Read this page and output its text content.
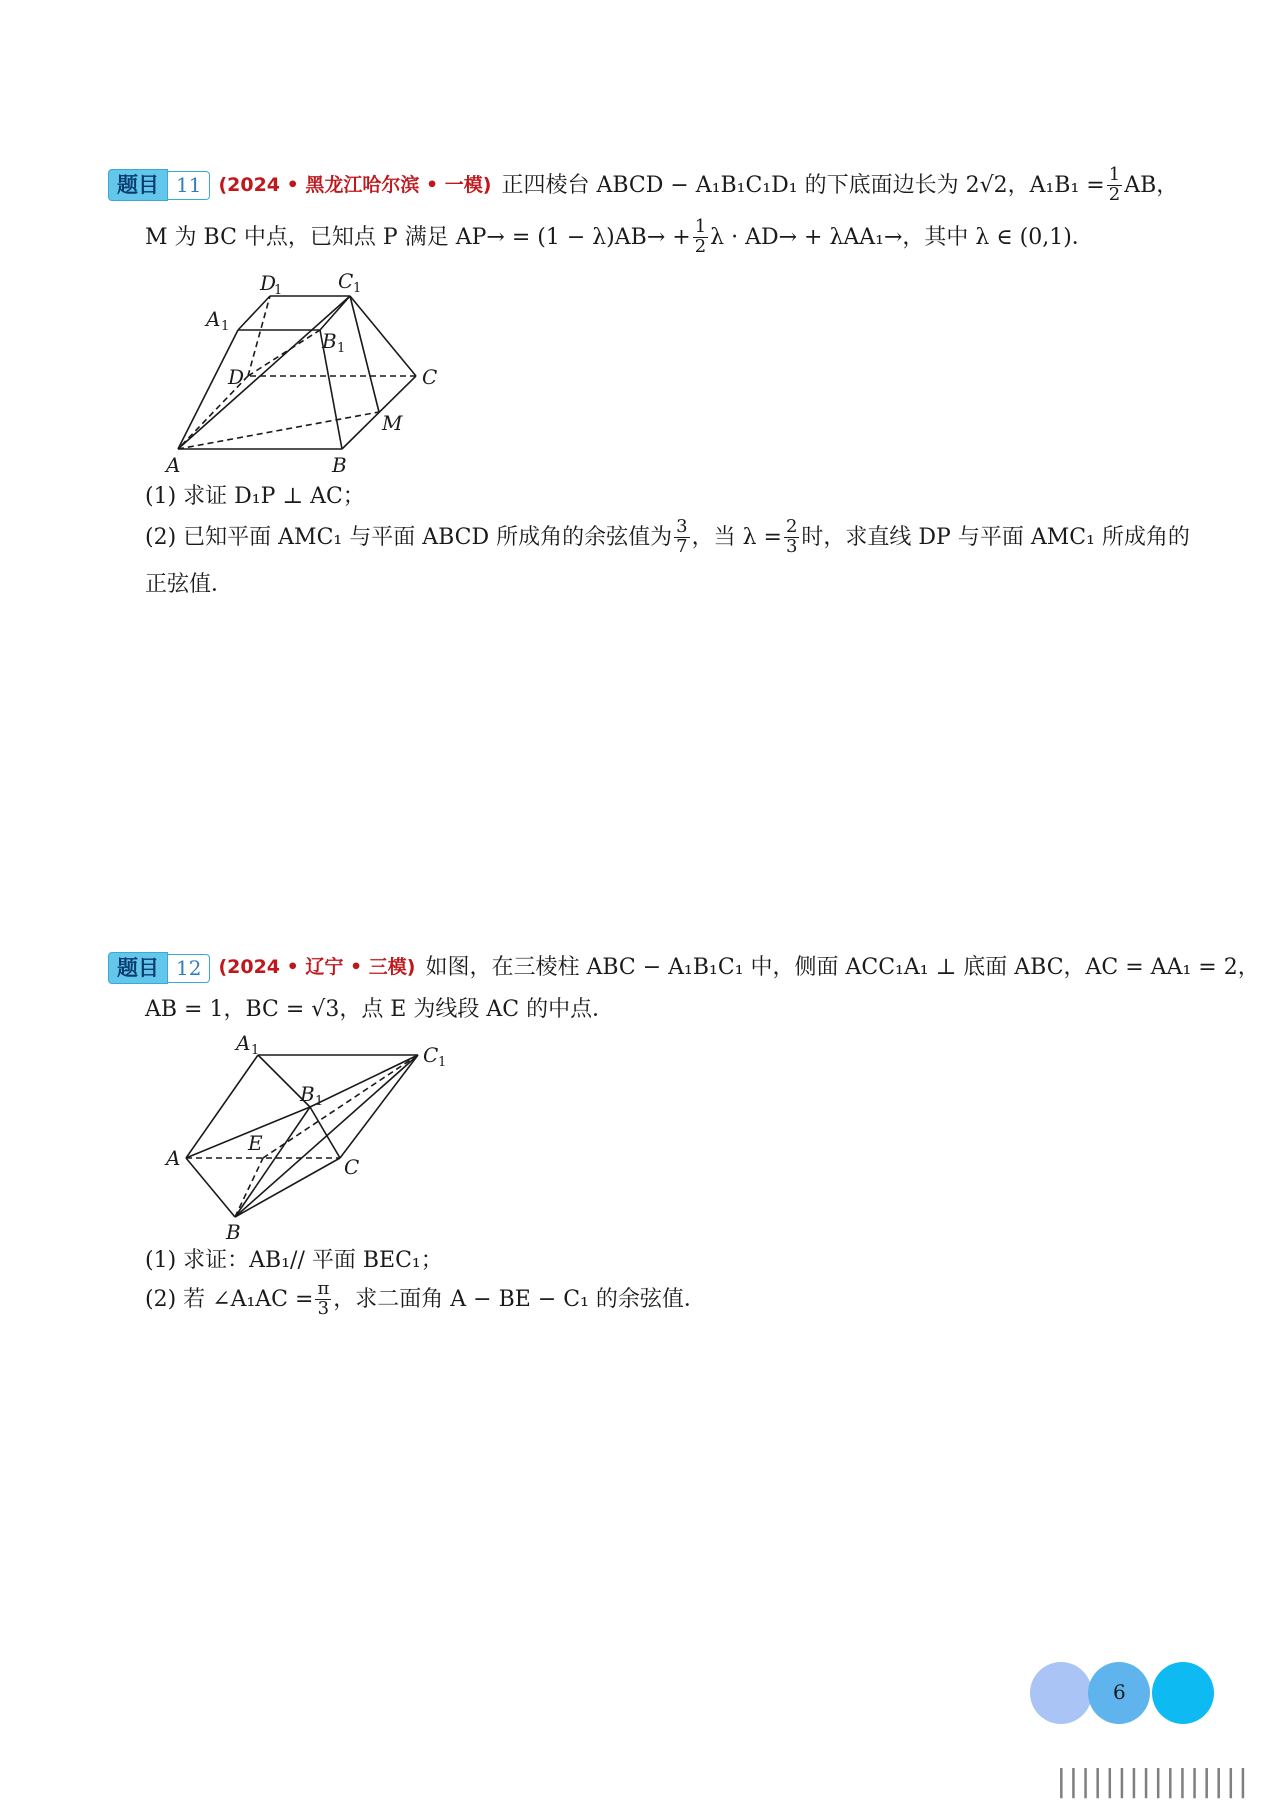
题目 11 (2024 • 黑龙江哈尔滨 • 一模) 正四棱台 ABCD − A₁B₁C₁D₁ 的下底面边长为 2√2，$A_1B_1 = \frac{1}{2}$ AB，
M 为 BC 中点，已知点 P 满足 $AP\to = (1 - \lambda)AB\to + \frac{1}{2}$ λ · AD→ + λAA₁→，其中 λ ∈ (0,1)．
D
1	C 1
A 1
B 1
D	C
M
A	B
(1) 求证 D₁P ⊥ AC；
(2) 已知平面 AMC₁ 与平面 ABCD 所成角的余弦值为 $\frac{3}{7}$ ，当 $\lambda = \frac{2}{3}$ 时，求直线 DP 与平面 AMC₁ 所成角的
正弦值．
题目 12 (2024 • 辽宁 • 三模) 如图，在三棱柱 ABC − A₁B₁C₁ 中，侧面 ACC₁A₁ ⊥ 底面 ABC，AC = AA₁ = 2，
AB = 1，BC = √3，点 E 为线段 AC 的中点．
A 1	C 1
B 1
A
E
C
B
(1) 求证：AB₁// 平面 BEC₁；
(2) 若 ∠A₁AC = $\frac{\pi}{3}$ ，求二面角 A − BE − C₁ 的余弦值．
6
||||||||||||||||
